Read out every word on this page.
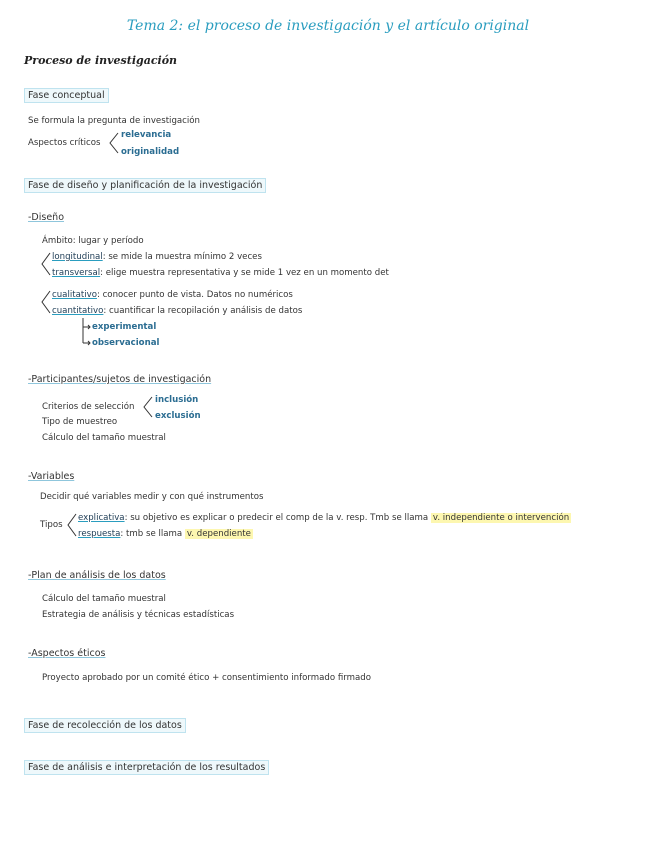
Tema 2: el proceso de investigación y el artículo original
Proceso de investigación
Fase conceptual
Se formula la pregunta de investigación
Aspectos críticos
relevancia
originalidad
Fase de diseño y planificación de la investigación
-Diseño
Ámbito: lugar y período
longitudinal: se mide la muestra mínimo 2 veces
transversal: elige muestra representativa y se mide 1 vez en un momento det
cualitativo: conocer punto de vista. Datos no numéricos
cuantitativo: cuantificar la recopilación y análisis de datos
experimental
observacional
-Participantes/sujetos de investigación
Criterios de selección
inclusión
exclusión
Tipo de muestreo
Cálculo del tamaño muestral
-Variables
Decidir qué variables medir y con qué instrumentos
Tipos
explicativa: su objetivo es explicar o predecir el comp de la v. resp. Tmb se llama v. independiente o intervención
respuesta: tmb se llama v. dependiente
-Plan de análisis de los datos
Cálculo del tamaño muestral
Estrategia de análisis y técnicas estadísticas
-Aspectos éticos
Proyecto aprobado por un comité ético + consentimiento informado firmado
Fase de recolección de los datos
Fase de análisis e interpretación de los resultados
